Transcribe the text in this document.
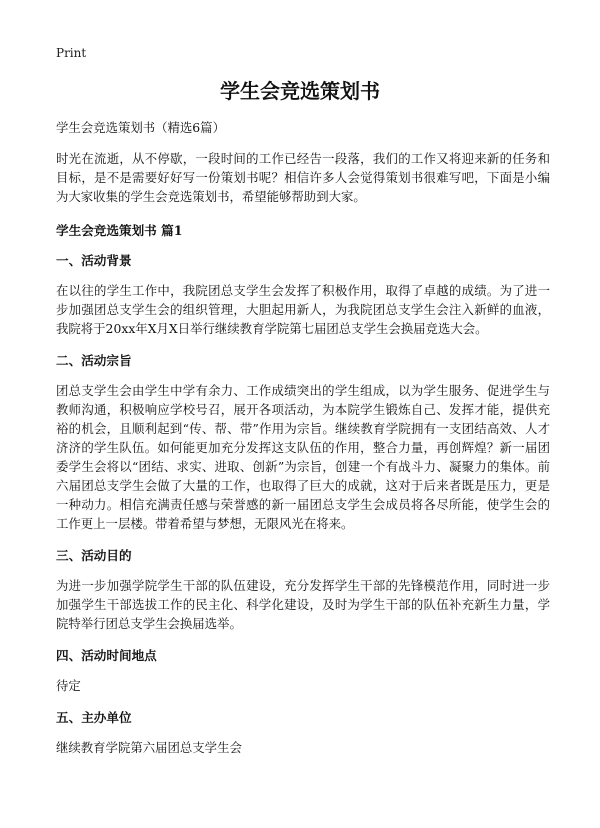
Print
学生会竞选策划书

学生会竞选策划书（精选6篇）

时光在流逝，从不停歇，一段时间的工作已经告一段落，我们的工作又将迎来新的任务和目标，是不是需要好好写一份策划书呢？相信许多人会觉得策划书很难写吧，下面是小编为大家收集的学生会竞选策划书，希望能够帮助到大家。

学生会竞选策划书 篇1

一、活动背景

在以往的学生工作中，我院团总支学生会发挥了积极作用，取得了卓越的成绩。为了进一步加强团总支学生会的组织管理，大胆起用新人，为我院团总支学生会注入新鲜的血液，我院将于20xx年X月X日举行继续教育学院第七届团总支学生会换届竞选大会。

二、活动宗旨

团总支学生会由学生中学有余力、工作成绩突出的学生组成，以为学生服务、促进学生与教师沟通，积极响应学校号召，展开各项活动，为本院学生锻炼自己、发挥才能，提供充裕的机会，且顺利起到“传、帮、带”作用为宗旨。继续教育学院拥有一支团结高效、人才济济的学生队伍。如何能更加充分发挥这支队伍的作用，整合力量，再创辉煌？新一届团委学生会将以“团结、求实、进取、创新”为宗旨，创建一个有战斗力、凝聚力的集体。前六届团总支学生会做了大量的工作，也取得了巨大的成就，这对于后来者既是压力，更是一种动力。相信充满责任感与荣誉感的新一届团总支学生会成员将各尽所能，使学生会的工作更上一层楼。带着希望与梦想，无限风光在将来。

三、活动目的

为进一步加强学院学生干部的队伍建设，充分发挥学生干部的先锋模范作用，同时进一步加强学生干部选拔工作的民主化、科学化建设，及时为学生干部的队伍补充新生力量，学院特举行团总支学生会换届选举。

四、活动时间地点

待定

五、主办单位

继续教育学院第六届团总支学生会
